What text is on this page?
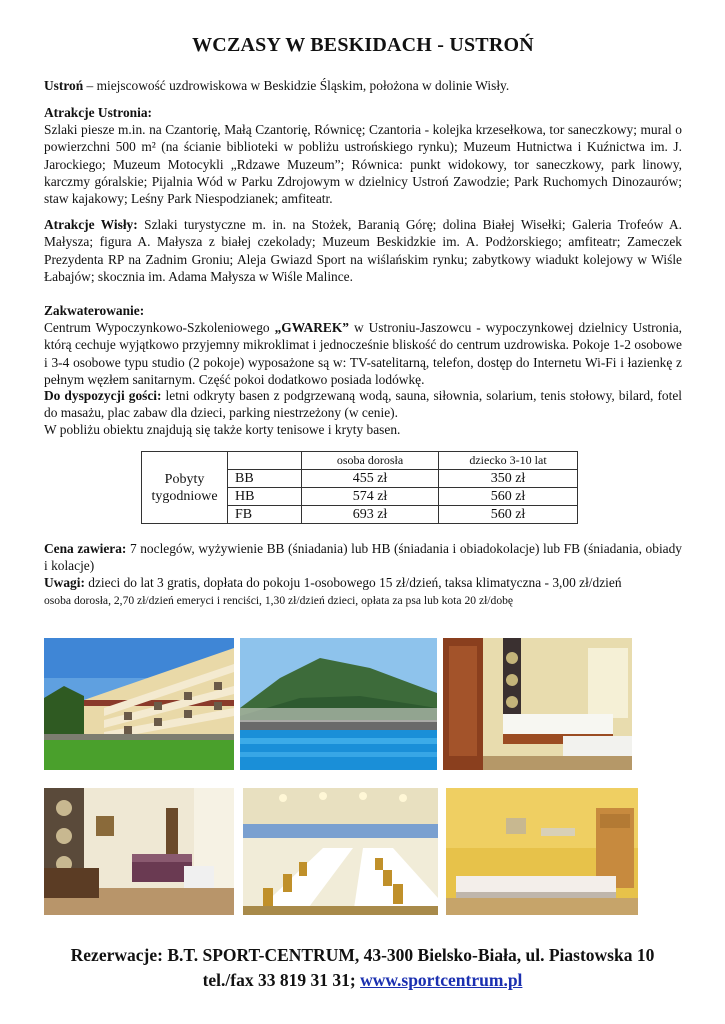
WCZASY W BESKIDACH - USTROŃ

Ustroń – miejscowość uzdrowiskowa w Beskidzie Śląskim, położona w dolinie Wisły.

Atrakcje Ustronia:

Szlaki piesze m.in. na Czantorię, Małą Czantorię, Równicę; Czantoria - kolejka krzesełkowa, tor saneczkowy; mural o powierzchni 500 m² (na ścianie biblioteki w pobliżu ustrońskiego rynku); Muzeum Hutnictwa i Kuźnictwa im. J. Jarockiego; Muzeum Motocykli „Rdzawe Muzeum”; Równica: punkt widokowy, tor saneczkowy, park linowy, karczmy góralskie; Pijalnia Wód w Parku Zdrojowym w dzielnicy Ustroń Zawodzie; Park Ruchomych Dinozaurów; staw kajakowy; Leśny Park Niespodzianek; amfiteatr.

Atrakcje Wisły: Szlaki turystyczne m. in. na Stożek, Baranią Górę; dolina Białej Wisełki; Galeria Trofeów A. Małysza; figura A. Małysza z białej czekolady; Muzeum Beskidzkie im. A. Podżorskiego; amfiteatr; Zameczek Prezydenta RP na Zadnim Groniu; Aleja Gwiazd Sport na wiślańskim rynku; zabytkowy wiadukt kolejowy w Wiśle Łabajów; skocznia im. Adama Małysza w Wiśle Malince.

Zakwaterowanie:

Centrum Wypoczynkowo-Szkoleniowego „GWAREK” w Ustroniu-Jaszowcu - wypoczynkowej dzielnicy Ustronia, którą cechuje wyjątkowo przyjemny mikroklimat i jednocześnie bliskość do centrum uzdrowiska. Pokoje 1-2 osobowe i 3-4 osobowe typu studio (2 pokoje) wyposażone są w: TV-satelitarną, telefon, dostęp do Internetu Wi-Fi i łazienkę z pełnym węzłem sanitarnym. Część pokoi dodatkowo posiada lodówkę.

Do dyspozycji gości: letni odkryty basen z podgrzewaną wodą, sauna, siłownia, solarium, tenis stołowy, bilard, fotel do masażu, plac zabaw dla dzieci, parking niestrzeżony (w cenie).

W pobliżu obiektu znajdują się także korty tenisowe i kryty basen.

Pobyty tygodniowe		osoba dorosła	dziecko 3-10 lat
	BB	455 zł	350 zł
	HB	574 zł	560 zł
	FB	693 zł	560 zł

Cena zawiera: 7 noclegów, wyżywienie BB (śniadania) lub HB (śniadania i obiadokolacje) lub FB (śniadania, obiady i kolacje)

Uwagi: dzieci do lat 3 gratis, dopłata do pokoju 1-osobowego 15 zł/dzień, taksa klimatyczna - 3,00 zł/dzień

osoba dorosła, 2,70 zł/dzień emeryci i renciści, 1,30 zł/dzień dzieci, opłata za psa lub kota 20 zł/dobę

Rezerwacje: B.T. SPORT-CENTRUM, 43-300 Bielsko-Biała, ul. Piastowska 10
tel./fax 33 819 31 31; www.sportcentrum.pl
